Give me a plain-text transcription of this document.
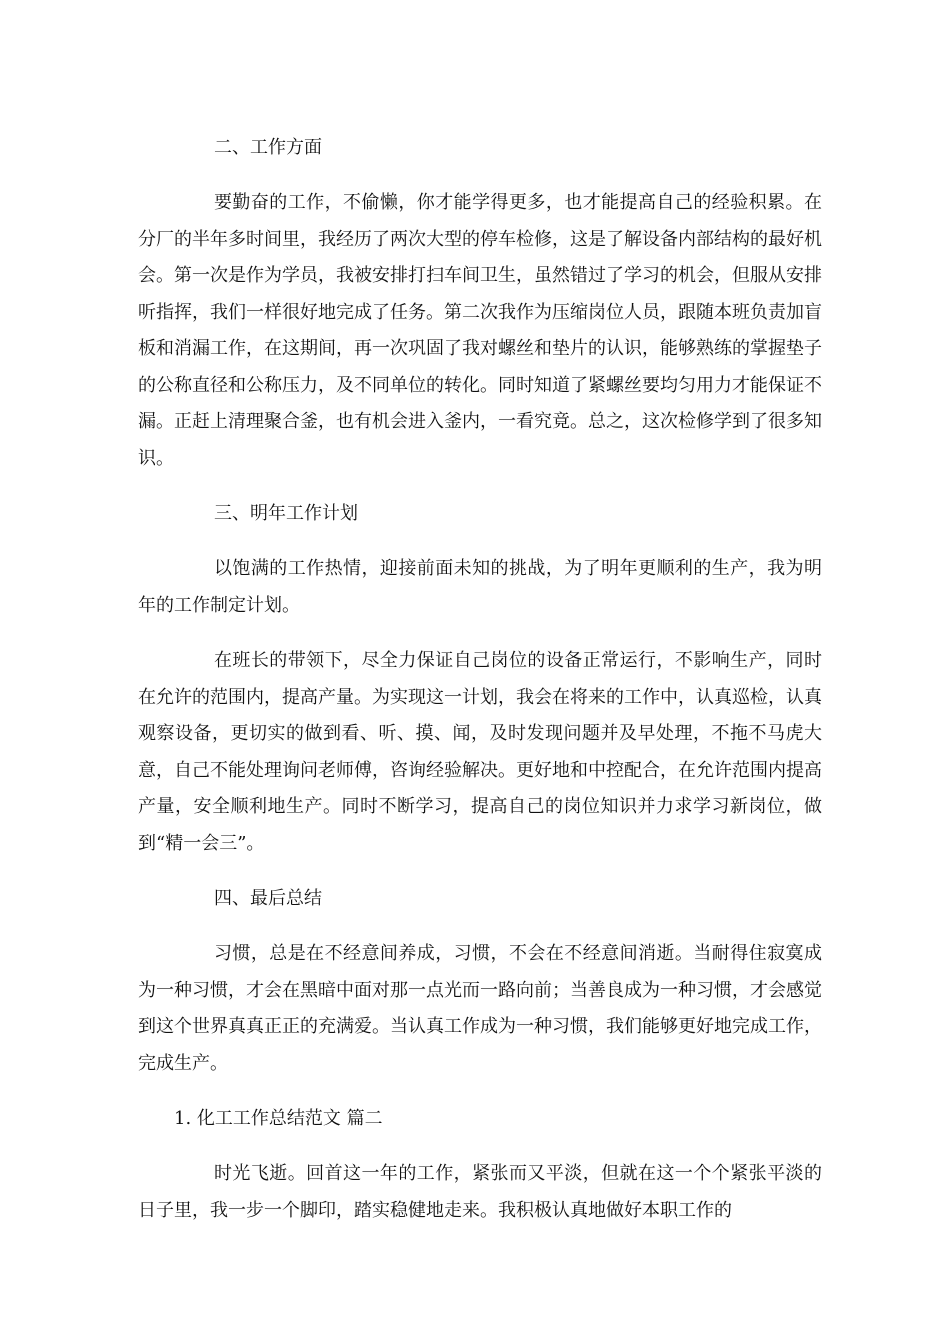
二、工作方面

要勤奋的工作，不偷懒，你才能学得更多，也才能提高自己的经验积累。在分厂的半年多时间里，我经历了两次大型的停车检修，这是了解设备内部结构的最好机会。第一次是作为学员，我被安排打扫车间卫生，虽然错过了学习的机会，但服从安排听指挥，我们一样很好地完成了任务。第二次我作为压缩岗位人员，跟随本班负责加盲板和消漏工作，在这期间，再一次巩固了我对螺丝和垫片的认识，能够熟练的掌握垫子的公称直径和公称压力，及不同单位的转化。同时知道了紧螺丝要均匀用力才能保证不漏。正赶上清理聚合釜，也有机会进入釜内，一看究竟。总之，这次检修学到了很多知识。

三、明年工作计划

以饱满的工作热情，迎接前面未知的挑战，为了明年更顺利的生产，我为明年的工作制定计划。

在班长的带领下，尽全力保证自己岗位的设备正常运行，不影响生产，同时在允许的范围内，提高产量。为实现这一计划，我会在将来的工作中，认真巡检，认真观察设备，更切实的做到看、听、摸、闻，及时发现问题并及早处理，不拖不马虎大意，自己不能处理询问老师傅，咨询经验解决。更好地和中控配合，在允许范围内提高产量，安全顺利地生产。同时不断学习，提高自己的岗位知识并力求学习新岗位，做到“精一会三”。

四、最后总结

习惯，总是在不经意间养成，习惯，不会在不经意间消逝。当耐得住寂寞成为一种习惯，才会在黑暗中面对那一点光而一路向前；当善良成为一种习惯，才会感觉到这个世界真真正正的充满爱。当认真工作成为一种习惯，我们能够更好地完成工作，完成生产。

1. 化工工作总结范文 篇二

时光飞逝。回首这一年的工作，紧张而又平淡，但就在这一个个紧张平淡的日子里，我一步一个脚印，踏实稳健地走来。我积极认真地做好本职工作的
